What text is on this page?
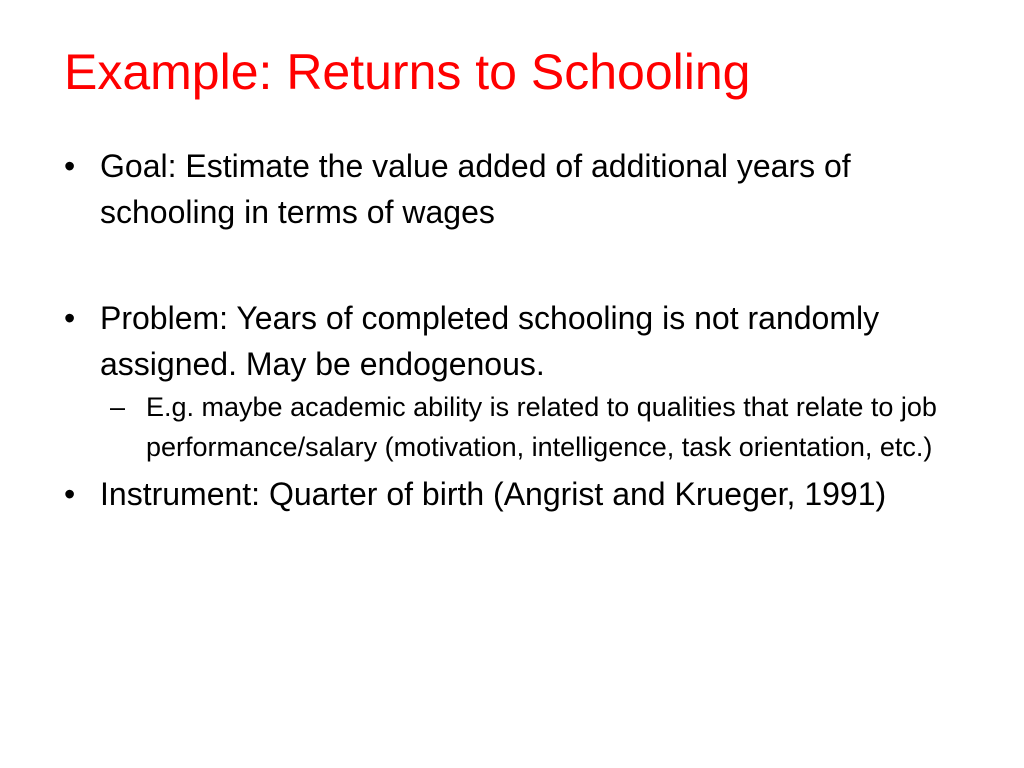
Example: Returns to Schooling
• Goal: Estimate the value added of additional years of schooling in terms of wages
• Problem: Years of completed schooling is not randomly assigned. May be endogenous.
– E.g. maybe academic ability is related to qualities that relate to job performance/salary (motivation, intelligence, task orientation, etc.)
• Instrument: Quarter of birth (Angrist and Krueger, 1991)
